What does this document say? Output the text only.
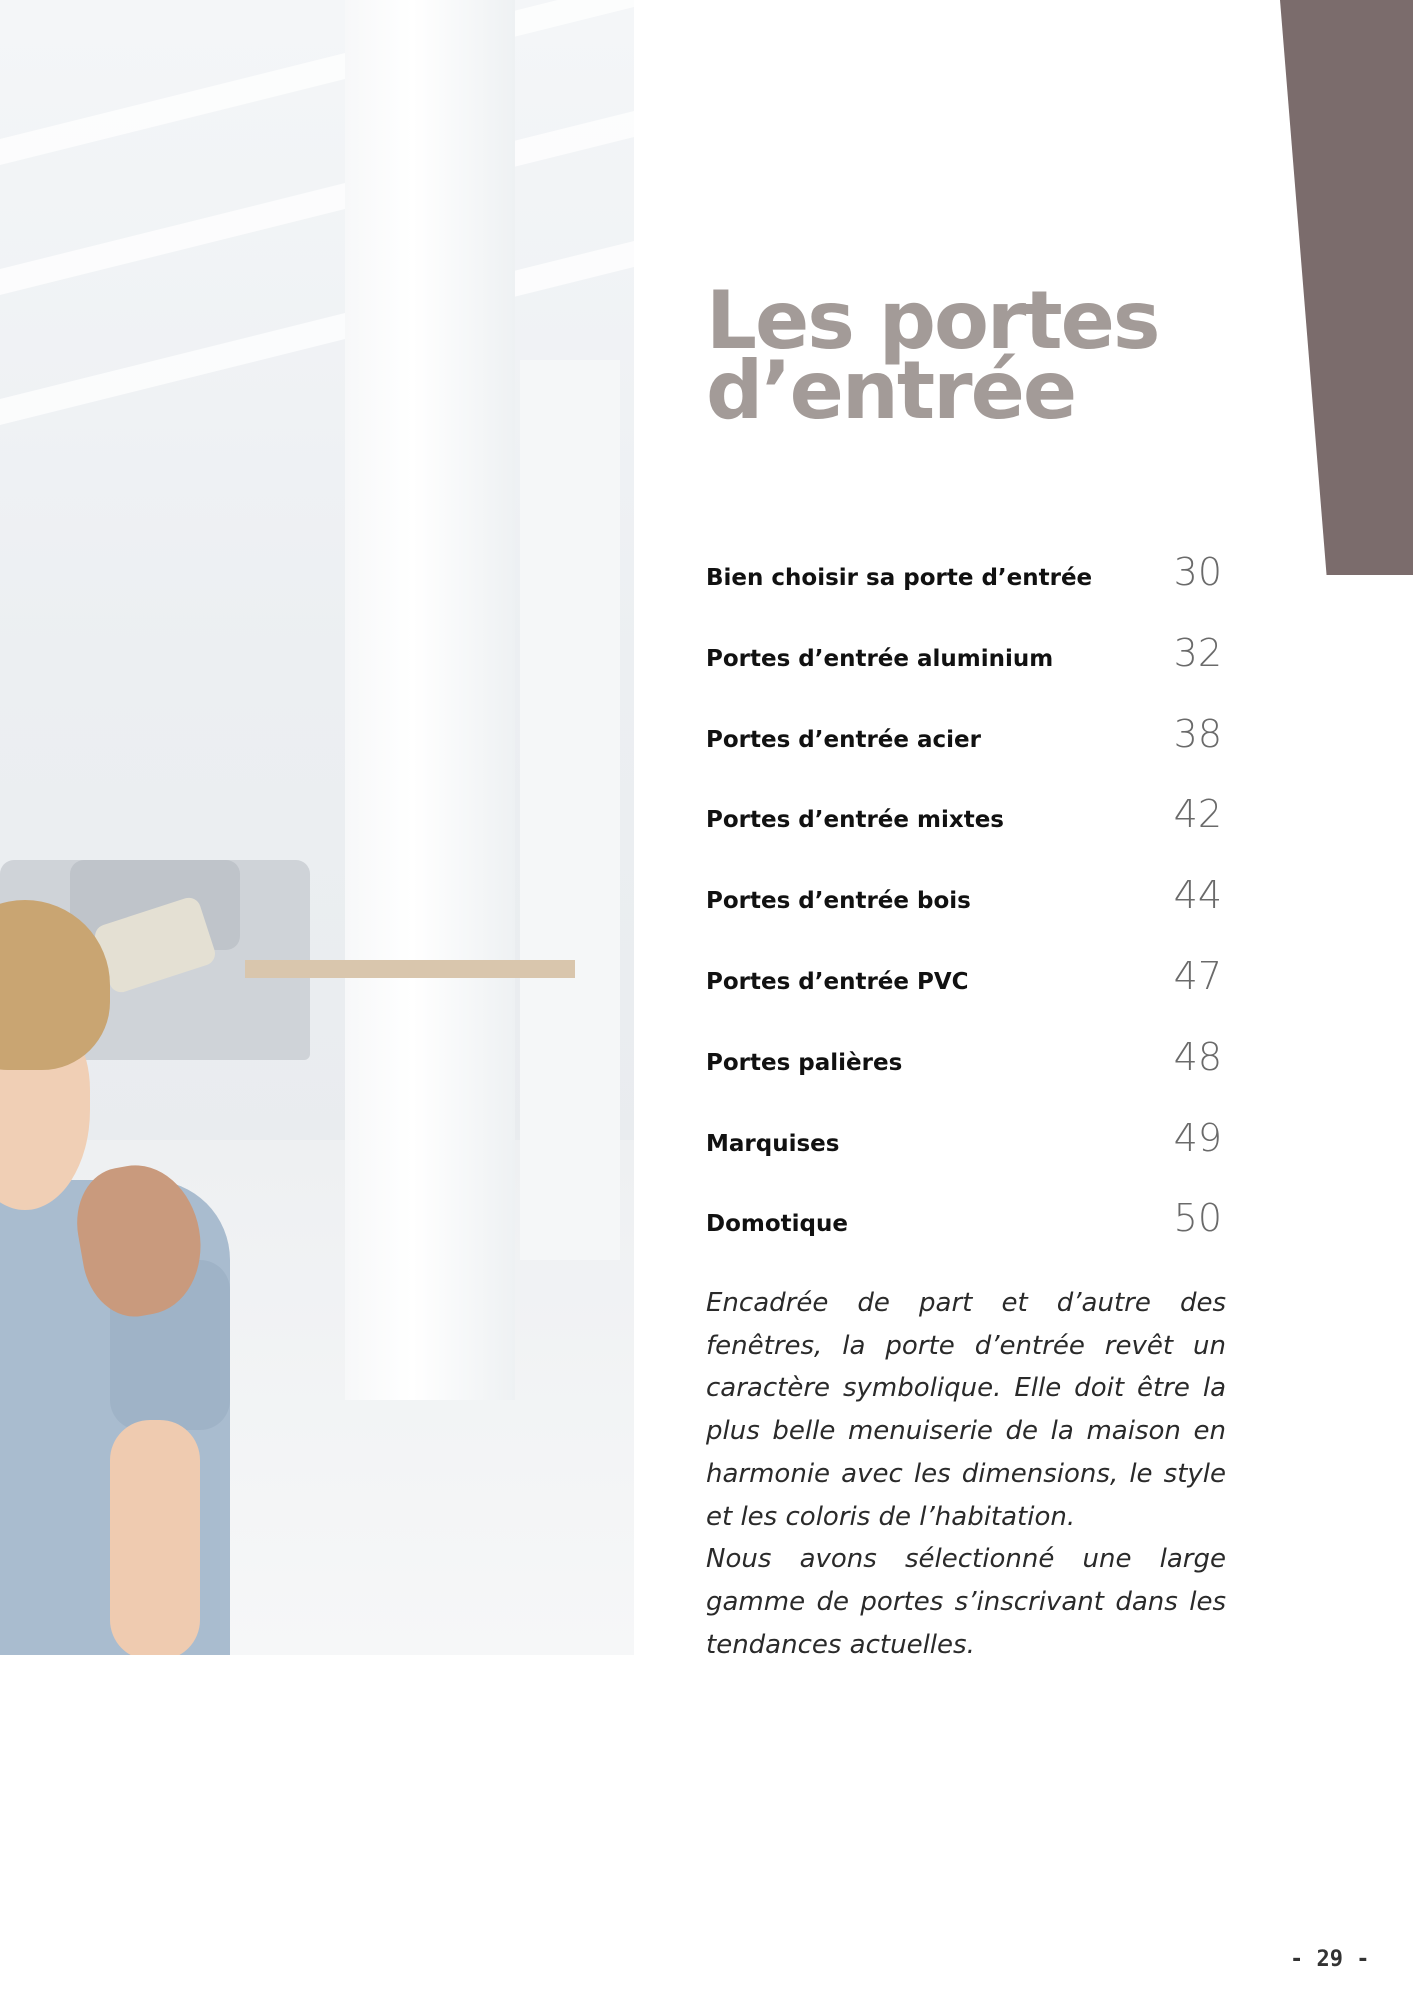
Les portes
d’entrée
Bien choisir sa porte d’entrée 30
Portes d’entrée aluminium	32
Portes d’entrée acier	38
Portes d’entrée mixtes	42
Portes d’entrée bois	44
Portes d’entrée PVC	47
Portes palières	48
Marquises	49
Domotique	50

Encadrée de part et d’autre des fenêtres, la porte d’entrée revêt un caractère symbolique. Elle doit être la plus belle menuiserie de la maison en harmonie avec les dimensions, le style et les coloris de l’habitation.

Nous avons sélectionné une large gamme de portes s’inscrivant dans les tendances actuelles.

- 29 -
